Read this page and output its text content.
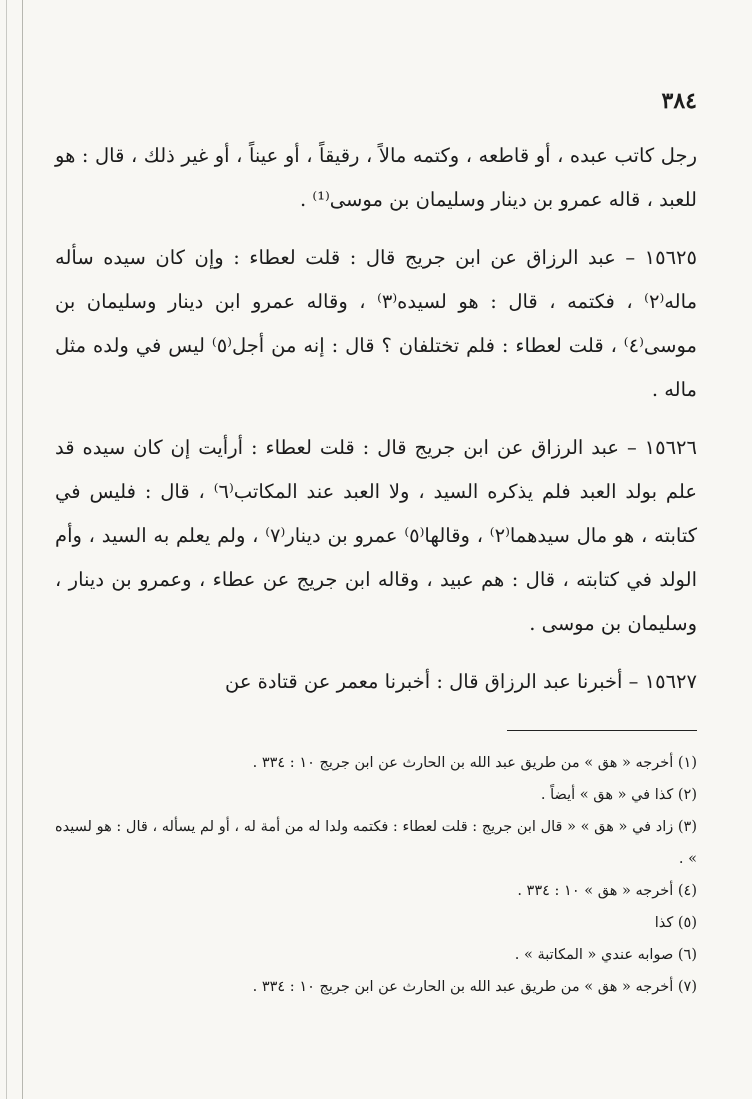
٣٨٤

رجل كاتب عبده ، أو قاطعه ، وكتمه مالاً ، رقيقاً ، أو عيناً ، أو غير ذلك ، قال : هو للعبد ، قاله عمرو بن دينار وسليمان بن موسى⁽¹⁾ .

١٥٦٢٥ – عبد الرزاق عن ابن جريج قال : قلت لعطاء : وإن كان سيده سأله ماله⁽٢⁾ ، فكتمه ، قال : هو لسيده⁽٣⁾ ، وقاله عمرو ابن دينار وسليمان بن موسى⁽٤⁾ ، قلت لعطاء : فلم تختلفان ؟ قال : إنه من أجل⁽٥⁾ ليس في ولده مثل ماله .

١٥٦٢٦ – عبد الرزاق عن ابن جريج قال : قلت لعطاء : أرأيت إن كان سيده قد علم بولد العبد فلم يذكره السيد ، ولا العبد عند المكاتب⁽٦⁾ ، قال : فليس في كتابته ، هو مال سيدهما⁽٢⁾ ، وقالها⁽٥⁾ عمرو بن دينار⁽٧⁾ ، ولم يعلم به السيد ، وأم الولد في كتابته ، قال : هم عبيد ، وقاله ابن جريج عن عطاء ، وعمرو بن دينار ، وسليمان بن موسى .

١٥٦٢٧ – أخبرنا عبد الرزاق قال : أخبرنا معمر عن قتادة عن

(١) أخرجه « هق » من طريق عبد الله بن الحارث عن ابن جريج ١٠ : ٣٣٤ .

(٢) كذا في « هق » أيضاً .

(٣) زاد في « هق » « قال ابن جريج : قلت لعطاء : فكتمه ولدا له من أمة له ، أو لم يسأله ، قال : هو لسيده » .

(٤) أخرجه « هق » ١٠ : ٣٣٤ .

(٥) كذا

(٦) صوابه عندي « المكاتبة » .

(٧) أخرجه « هق » من طريق عبد الله بن الحارث عن ابن جريج ١٠ : ٣٣٤ .
